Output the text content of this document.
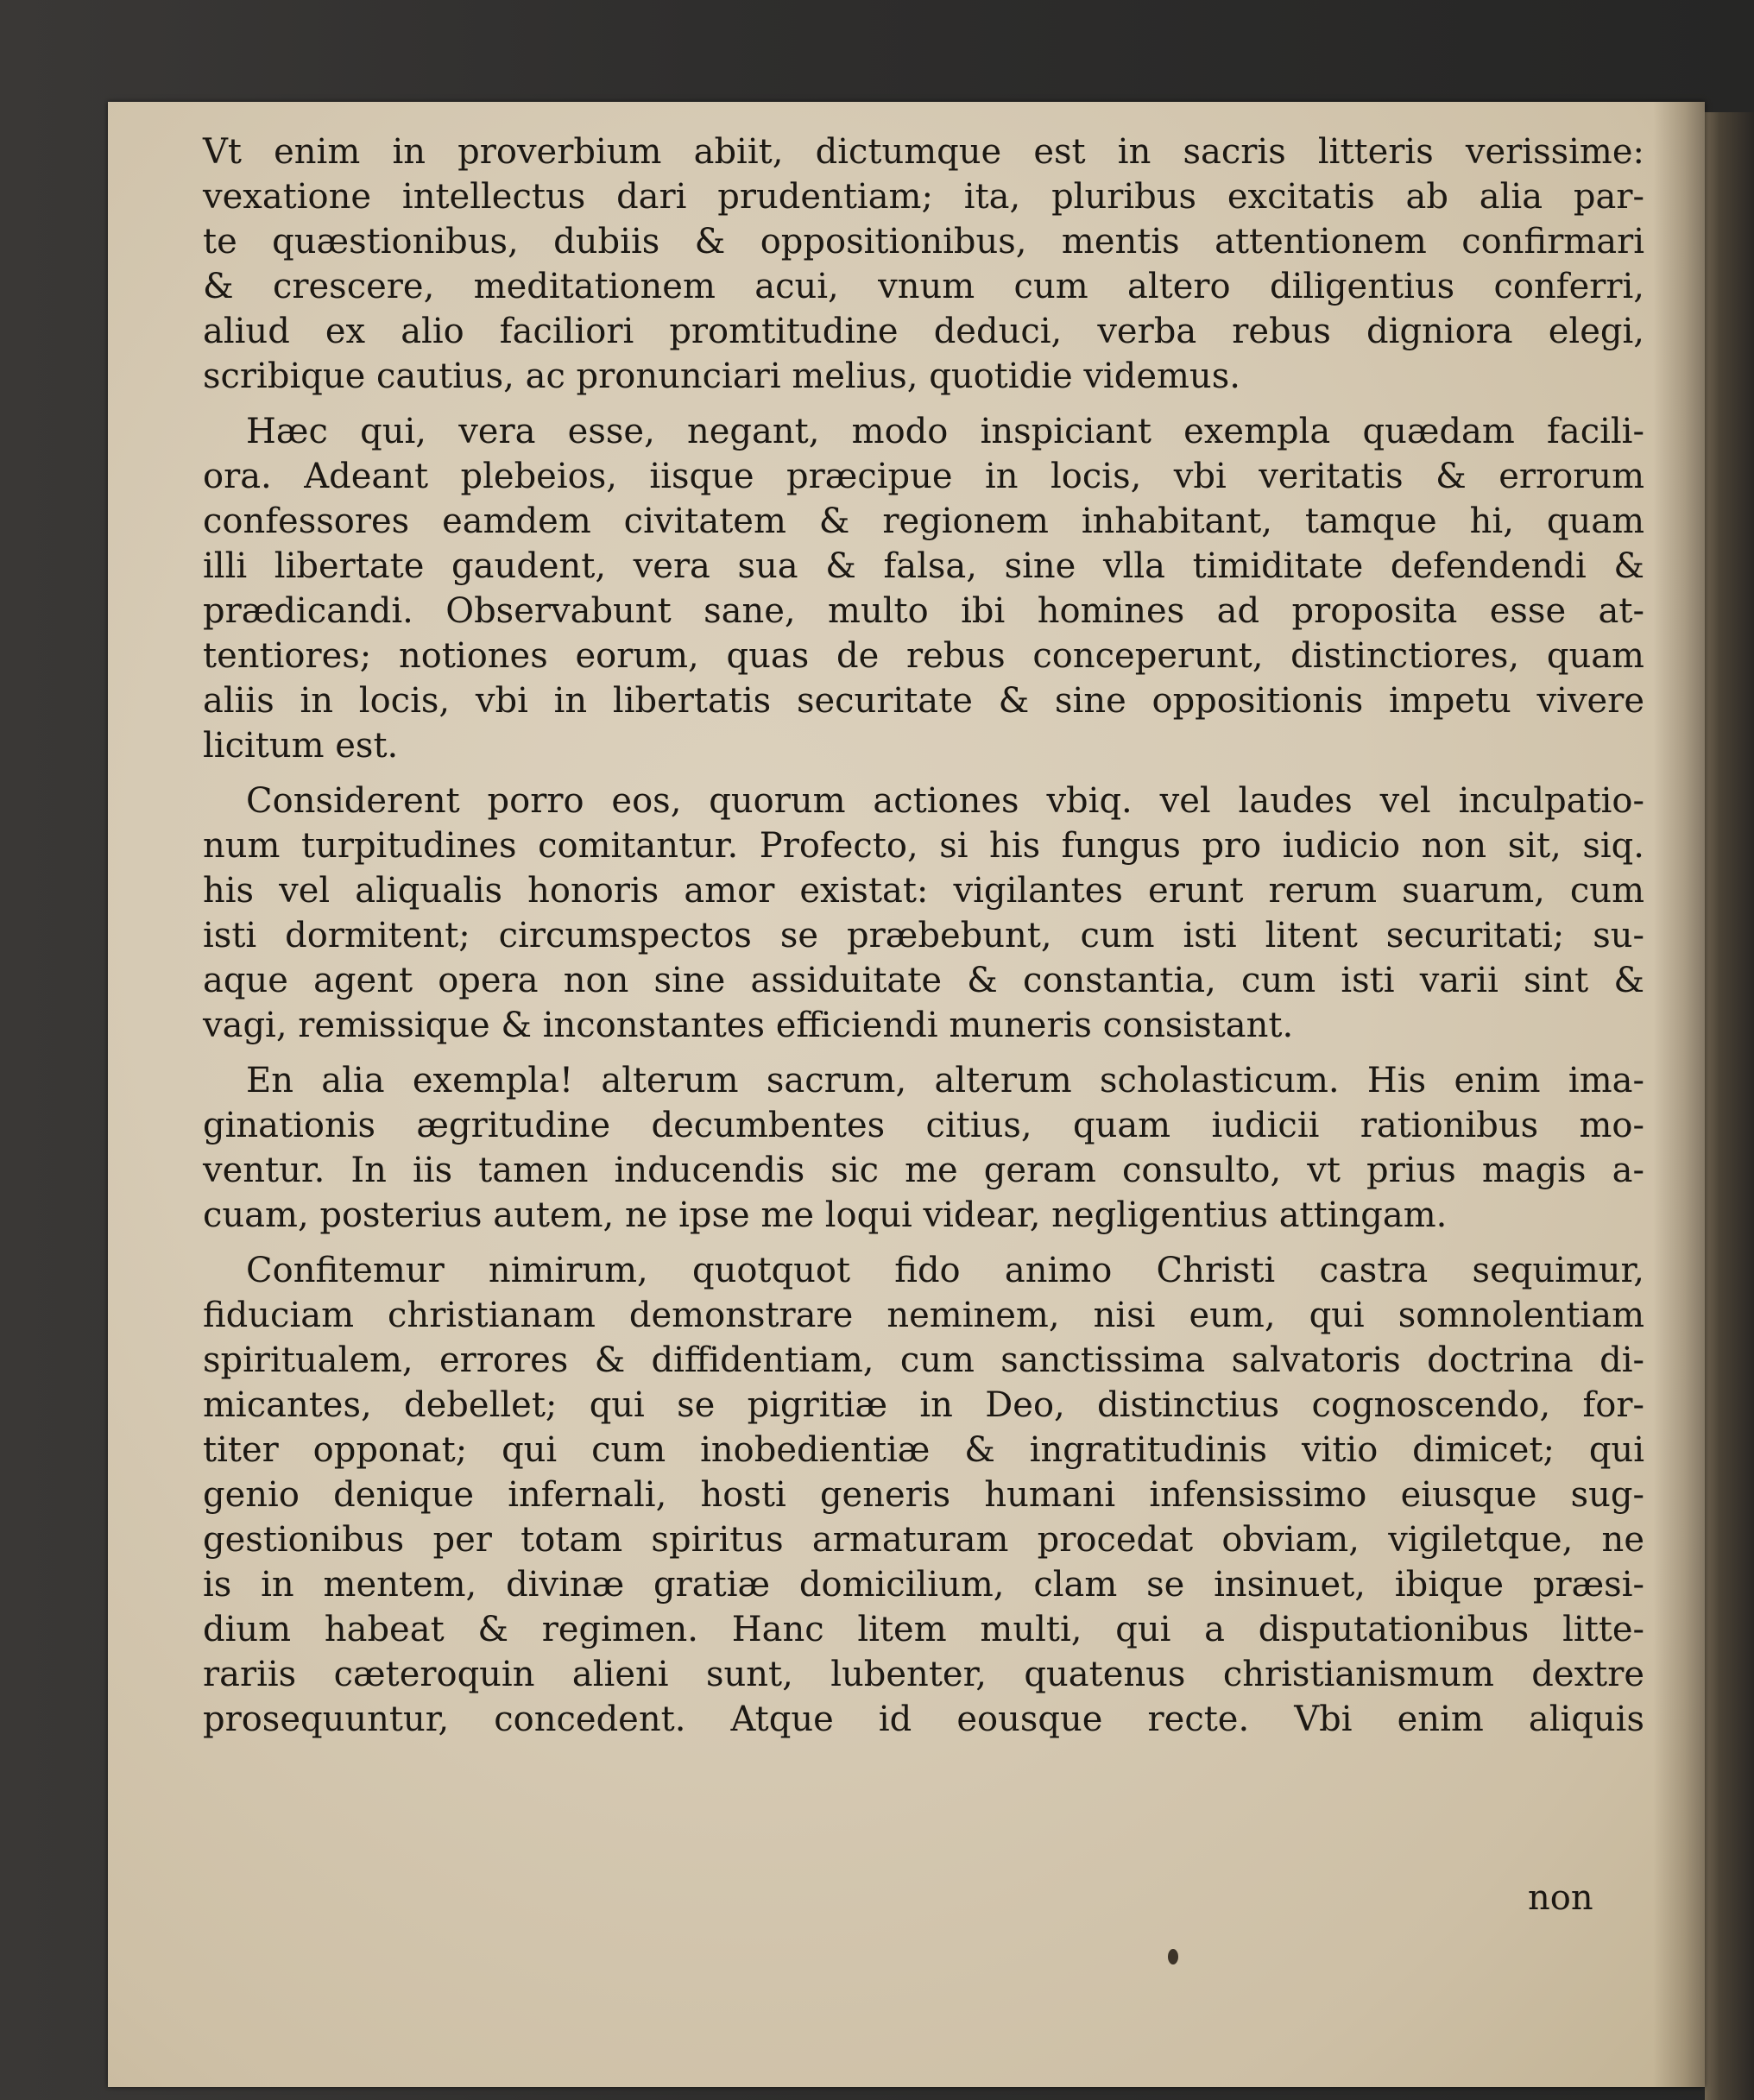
Vt enim in proverbium abiit, dictumque est in sacris litteris verissime:
vexatione intellectus dari prudentiam; ita, pluribus excitatis ab alia par-
te quæstionibus, dubiis & oppositionibus, mentis attentionem confirmari
& crescere, meditationem acui, vnum cum altero diligentius conferri,
aliud ex alio faciliori promtitudine deduci, verba rebus digniora elegi,
scribique cautius, ac pronunciari melius, quotidie videmus.
Hæc qui, vera esse, negant, modo inspiciant exempla quædam facili-
ora. Adeant plebeios, iisque præcipue in locis, vbi veritatis & errorum
confessores eamdem civitatem & regionem inhabitant, tamque hi, quam
illi libertate gaudent, vera sua & falsa, sine vlla timiditate defendendi &
prædicandi. Observabunt sane, multo ibi homines ad proposita esse at-
tentiores; notiones eorum, quas de rebus conceperunt, distinctiores, quam
aliis in locis, vbi in libertatis securitate & sine oppositionis impetu vivere
licitum est.
Considerent porro eos, quorum actiones vbiq. vel laudes vel inculpatio-
num turpitudines comitantur. Profecto, si his fungus pro iudicio non sit, siq.
his vel aliqualis honoris amor existat: vigilantes erunt rerum suarum, cum
isti dormitent; circumspectos se præbebunt, cum isti litent securitati; su-
aque agent opera non sine assiduitate & constantia, cum isti varii sint &
vagi, remissique & inconstantes efficiendi muneris consistant.
En alia exempla! alterum sacrum, alterum scholasticum. His enim ima-
ginationis ægritudine decumbentes citius, quam iudicii rationibus mo-
ventur. In iis tamen inducendis sic me geram consulto, vt prius magis a-
cuam, posterius autem, ne ipse me loqui videar, negligentius attingam.
Confitemur nimirum, quotquot fido animo Christi castra sequimur,
fiduciam christianam demonstrare neminem, nisi eum, qui somnolentiam
spiritualem, errores & diffidentiam, cum sanctissima salvatoris doctrina di-
micantes, debellet; qui se pigritiæ in Deo, distinctius cognoscendo, for-
titer opponat; qui cum inobedientiæ & ingratitudinis vitio dimicet; qui
genio denique infernali, hosti generis humani infensissimo eiusque sug-
gestionibus per totam spiritus armaturam procedat obviam, vigiletque, ne
is in mentem, divinæ gratiæ domicilium, clam se insinuet, ibique præsi-
dium habeat & regimen. Hanc litem multi, qui a disputationibus litte-
rariis cæteroquin alieni sunt, lubenter, quatenus christianismum dextre
prosequuntur, concedent. Atque id eousque recte. Vbi enim aliquis
non
